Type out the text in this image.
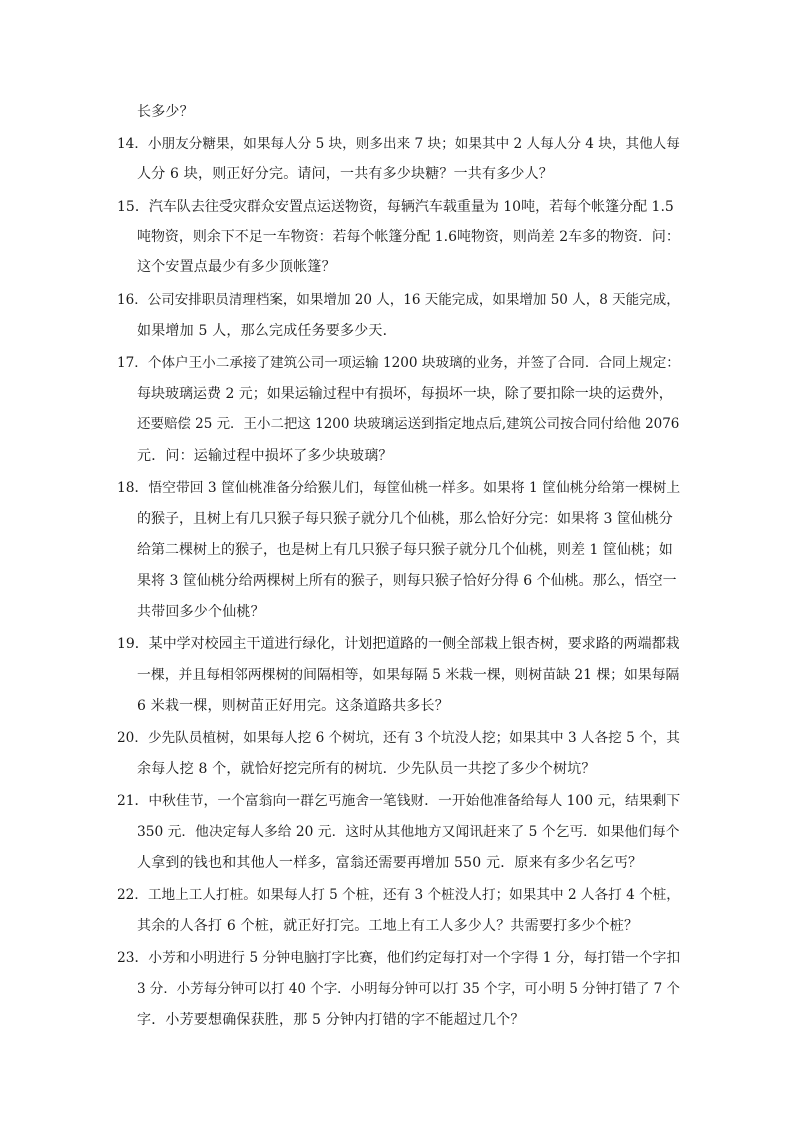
长多少？
14．小朋友分糖果，如果每人分 5 块，则多出来 7 块；如果其中 2 人每人分 4 块，其他人每
人分 6 块，则正好分完。请问，一共有多少块糖？一共有多少人？
15．汽车队去往受灾群众安置点运送物资，每辆汽车载重量为 10吨，若每个帐篷分配 1.5
吨物资，则余下不足一车物资：若每个帐篷分配 1.6吨物资，则尚差 2车多的物资．问：
这个安置点最少有多少顶帐篷？
16．公司安排职员清理档案，如果增加 20 人，16 天能完成，如果增加 50 人，8 天能完成，
如果增加 5 人，那么完成任务要多少天．
17．个体户王小二承接了建筑公司一项运输 1200 块玻璃的业务，并签了合同．合同上规定：
每块玻璃运费 2 元；如果运输过程中有损坏，每损坏一块，除了要扣除一块的运费外，
还要赔偿 25 元．王小二把这 1200 块玻璃运送到指定地点后,建筑公司按合同付给他 2076
元．问：运输过程中损坏了多少块玻璃？
18．悟空带回 3 筐仙桃准备分给猴儿们，每筐仙桃一样多。如果将 1 筐仙桃分给第一棵树上
的猴子，且树上有几只猴子每只猴子就分几个仙桃，那么恰好分完：如果将 3 筐仙桃分
给第二棵树上的猴子，也是树上有几只猴子每只猴子就分几个仙桃，则差 1 筐仙桃；如
果将 3 筐仙桃分给两棵树上所有的猴子，则每只猴子恰好分得 6 个仙桃。那么，悟空一
共带回多少个仙桃？
19．某中学对校园主干道进行绿化，计划把道路的一侧全部栽上银杏树，要求路的两端都栽
一棵，并且每相邻两棵树的间隔相等，如果每隔 5 米栽一棵，则树苗缺 21 棵；如果每隔
6 米栽一棵，则树苗正好用完。这条道路共多长？
20．少先队员植树，如果每人挖 6 个树坑，还有 3 个坑没人挖；如果其中 3 人各挖 5 个，其
余每人挖 8 个，就恰好挖完所有的树坑．少先队员一共挖了多少个树坑？
21．中秋佳节，一个富翁向一群乞丐施舍一笔钱财．一开始他准备给每人 100 元，结果剩下
350 元．他决定每人多给 20 元．这时从其他地方又闻讯赶来了 5 个乞丐．如果他们每个
人拿到的钱也和其他人一样多，富翁还需要再增加 550 元．原来有多少名乞丐？
22．工地上工人打桩。如果每人打 5 个桩，还有 3 个桩没人打；如果其中 2 人各打 4 个桩，
其余的人各打 6 个桩，就正好打完。工地上有工人多少人？共需要打多少个桩？
23．小芳和小明进行 5 分钟电脑打字比赛，他们约定每打对一个字得 1 分，每打错一个字扣
3 分．小芳每分钟可以打 40 个字．小明每分钟可以打 35 个字，可小明 5 分钟打错了 7 个
字．小芳要想确保获胜，那 5 分钟内打错的字不能超过几个？
